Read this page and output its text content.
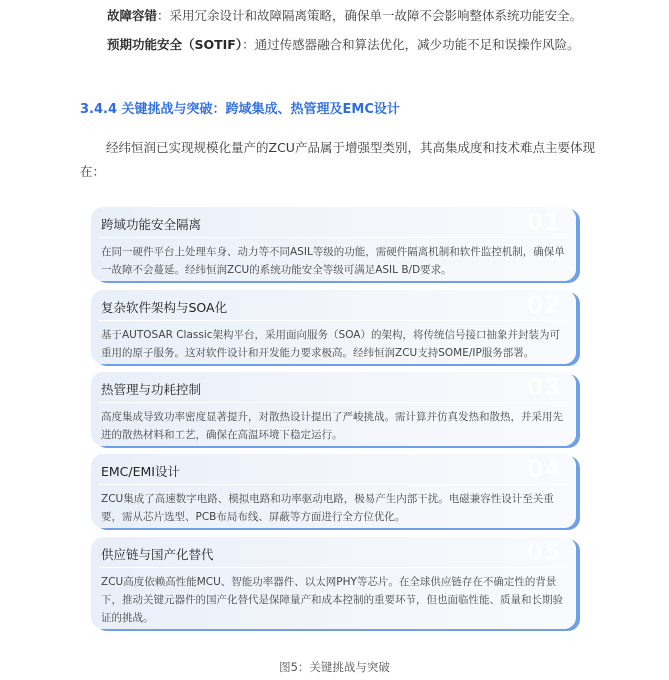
故障容错：采用冗余设计和故障隔离策略，确保单一故障不会影响整体系统功能安全。
预期功能安全（SOTIF）：通过传感器融合和算法优化，减少功能不足和误操作风险。
3.4.4 关键挑战与突破：跨域集成、热管理及EMC设计
经纬恒润已实现规模化量产的ZCU产品属于增强型类别，其高集成度和技术难点主要体现在：
跨域功能安全隔离	01
在同一硬件平台上处理车身、动力等不同ASIL等级的功能，需硬件隔离机制和软件监控机制，确保单一故障不会蔓延。经纬恒润ZCU的系统功能安全等级可满足ASIL B/D要求。
复杂软件架构与SOA化	02
基于AUTOSAR Classic架构平台，采用面向服务（SOA）的架构，将传统信号接口抽象并封装为可重用的原子服务。这对软件设计和开发能力要求极高。经纬恒润ZCU支持SOME/IP服务部署。
热管理与功耗控制	03
高度集成导致功率密度显著提升，对散热设计提出了严峻挑战。需计算并仿真发热和散热，并采用先进的散热材料和工艺，确保在高温环境下稳定运行。
EMC/EMI设计	04
ZCU集成了高速数字电路、模拟电路和功率驱动电路，极易产生内部干扰。电磁兼容性设计至关重要，需从芯片选型、PCB布局布线、屏蔽等方面进行全方位优化。
供应链与国产化替代	05
ZCU高度依赖高性能MCU、智能功率器件、以太网PHY等芯片。在全球供应链存在不确定性的背景下，推动关键元器件的国产化替代是保障量产和成本控制的重要环节，但也面临性能、质量和长期验证的挑战。
图5：关键挑战与突破
